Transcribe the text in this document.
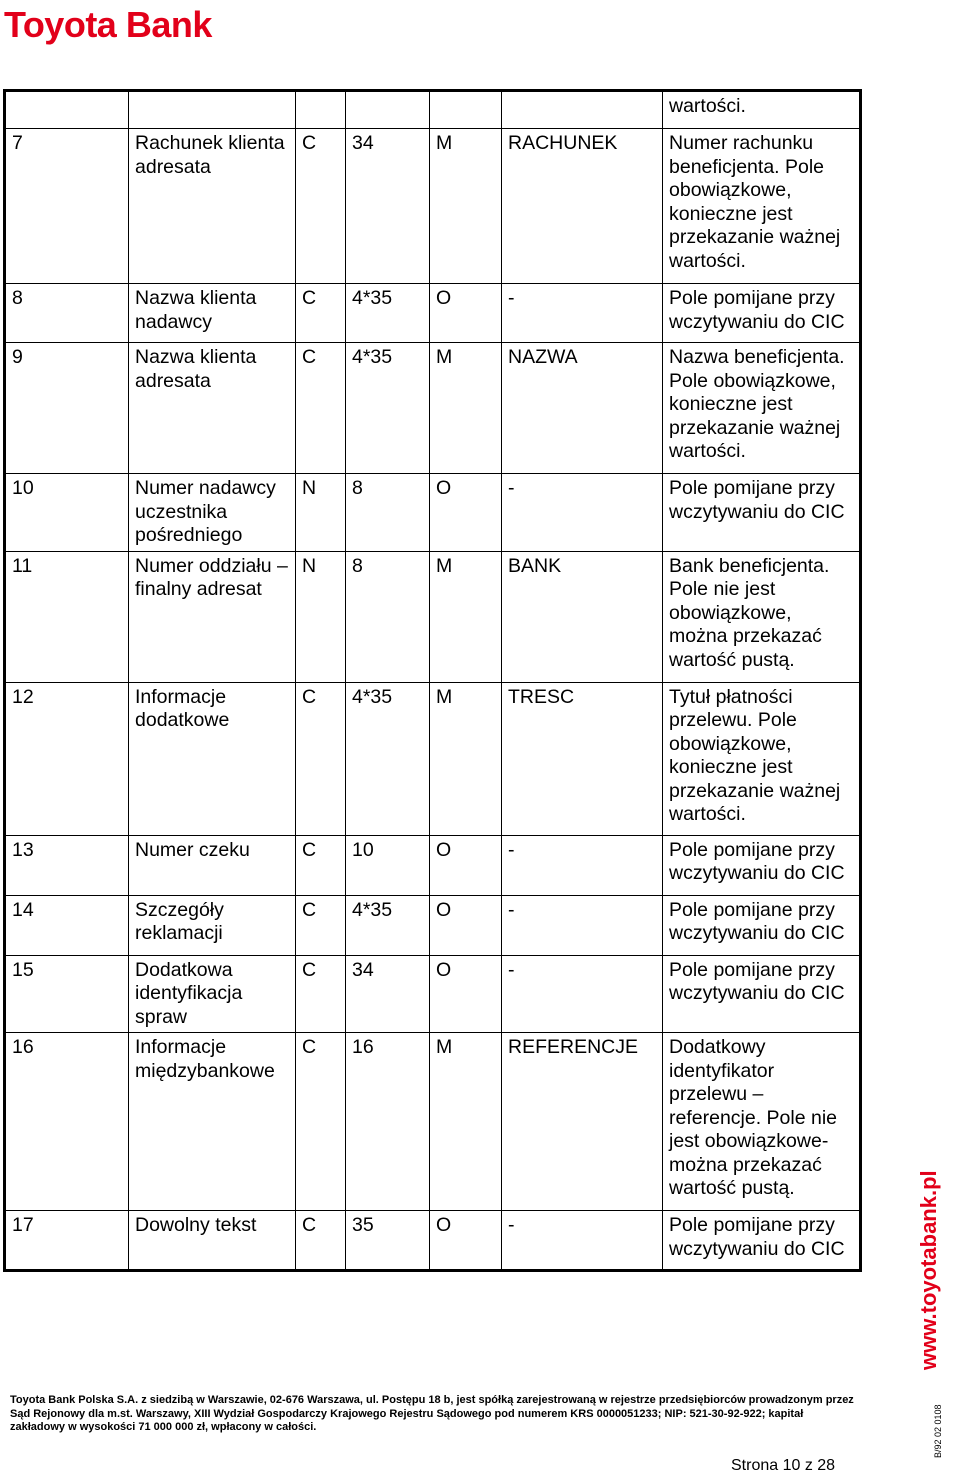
Toyota Bank
						wartości.
7	Rachunek klienta adresata	C	34	M	RACHUNEK	Numer rachunku beneficjenta. Pole obowiązkowe, konieczne jest przekazanie ważnej wartości.
8	Nazwa klienta nadawcy	C	4*35	O	-	Pole pomijane przy wczytywaniu do CIC
9	Nazwa klienta adresata	C	4*35	M	NAZWA	Nazwa beneficjenta. Pole obowiązkowe, konieczne jest przekazanie ważnej wartości.
10	Numer nadawcy uczestnika pośredniego	N	8	O	-	Pole pomijane przy wczytywaniu do CIC
11	Numer oddziału – finalny adresat	N	8	M	BANK	Bank beneficjenta. Pole nie jest obowiązkowe, można przekazać wartość pustą.
12	Informacje dodatkowe	C	4*35	M	TRESC	Tytuł płatności przelewu. Pole obowiązkowe, konieczne jest przekazanie ważnej wartości.
13	Numer czeku	C	10	O	-	Pole pomijane przy wczytywaniu do CIC
14	Szczegóły reklamacji	C	4*35	O	-	Pole pomijane przy wczytywaniu do CIC
15	Dodatkowa identyfikacja spraw	C	34	O	-	Pole pomijane przy wczytywaniu do CIC
16	Informacje międzybankowe	C	16	M	REFERENCJE	Dodatkowy identyfikator przelewu – referencje. Pole nie jest obowiązkowe- można przekazać wartość pustą.
17	Dowolny tekst	C	35	O	-	Pole pomijane przy wczytywaniu do CIC	www.toyotabank.pl
B/92 02 0108
Toyota Bank Polska S.A. z siedzibą w Warszawie, 02-676 Warszawa, ul. Postępu 18 b, jest spółką zarejestrowaną w rejestrze przedsiębiorców prowadzonym przez
Sąd Rejonowy dla m.st. Warszawy, XIII Wydział Gospodarczy Krajowego Rejestru Sądowego pod numerem KRS 0000051233; NIP: 521-30-92-922; kapitał
zakładowy w wysokości 71 000 000 zł, wpłacony w całości.
Strona 10 z 28
